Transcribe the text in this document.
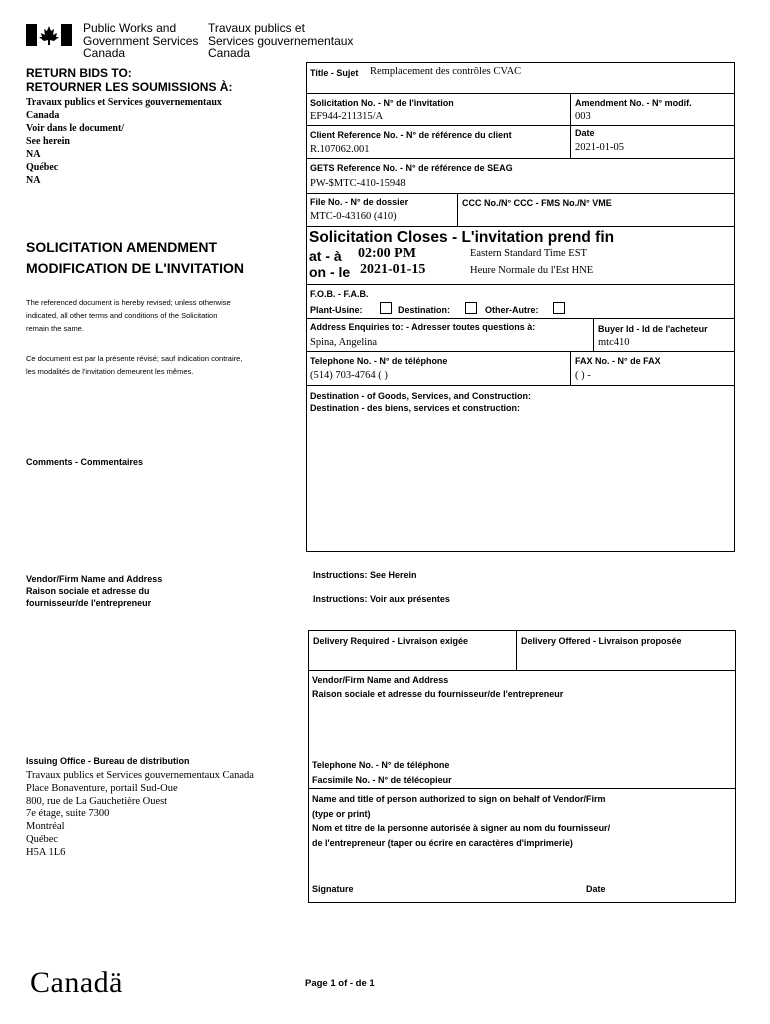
Public Works and
Government Services
Canada
Travaux publics et
Services gouvernementaux
Canada
RETURN BIDS TO:
RETOURNER LES SOUMISSIONS À:
Travaux publics et Services gouvernementaux
Canada
Voir dans le document/
See herein
NA
Québec
NA
SOLICITATION AMENDMENT
MODIFICATION DE L'INVITATION
The referenced document is hereby revised; unless otherwise
indicated, all other terms and conditions of the Solicitation
remain the same.
Ce document est par la présente révisé; sauf indication contraire,
les modalités de l'invitation demeurent les mêmes.
Comments - Commentaires
Vendor/Firm Name and Address
Raison sociale et adresse du
fournisseur/de l'entrepreneur
Issuing Office - Bureau de distribution
Travaux publics et Services gouvernementaux Canada
Place Bonaventure, portail Sud-Oue
800, rue de La Gauchetière Ouest
7e étage, suite 7300
Montréal
Québec
H5A 1L6
Title - Sujet Remplacement des contrôles CVAC
Solicitation No. - N° de l'invitation
EF944-211315/A
Amendment No. - N° modif.
003
Client Reference No. - N° de référence du client
R.107062.001
Date
2021-01-05
GETS Reference No. - N° de référence de SEAG
PW-$MTC-410-15948
File No. - N° de dossier
MTC-0-43160 (410)
CCC No./N° CCC - FMS No./N° VME
Solicitation Closes - L'invitation prend fin
at - à 02:00 PM	Eastern Standard Time EST
on - le 2021-01-15	Heure Normale du l'Est HNE
F.O.B. - F.A.B.
Plant-Usine:	Destination:	Other-Autre:
Address Enquiries to: - Adresser toutes questions à:
Spina, Angelina
Buyer Id - Id de l'acheteur
mtc410
Telephone No. - N° de téléphone
(514) 703-4764 ( )
FAX No. - N° de FAX
( ) -
Destination - of Goods, Services, and Construction:
Destination - des biens, services et construction:
Instructions: See Herein
Instructions: Voir aux présentes
Delivery Required - Livraison exigée	Delivery Offered - Livraison proposée
Vendor/Firm Name and Address
Raison sociale et adresse du fournisseur/de l'entrepreneur
Telephone No. - N° de téléphone
Facsimile No. - N° de télécopieur
Name and title of person authorized to sign on behalf of Vendor/Firm
(type or print)
Nom et titre de la personne autorisée à signer au nom du fournisseur/
de l'entrepreneur (taper ou écrire en caractères d'imprimerie)
Signature	Date
Canadä	Page 1 of - de 1
